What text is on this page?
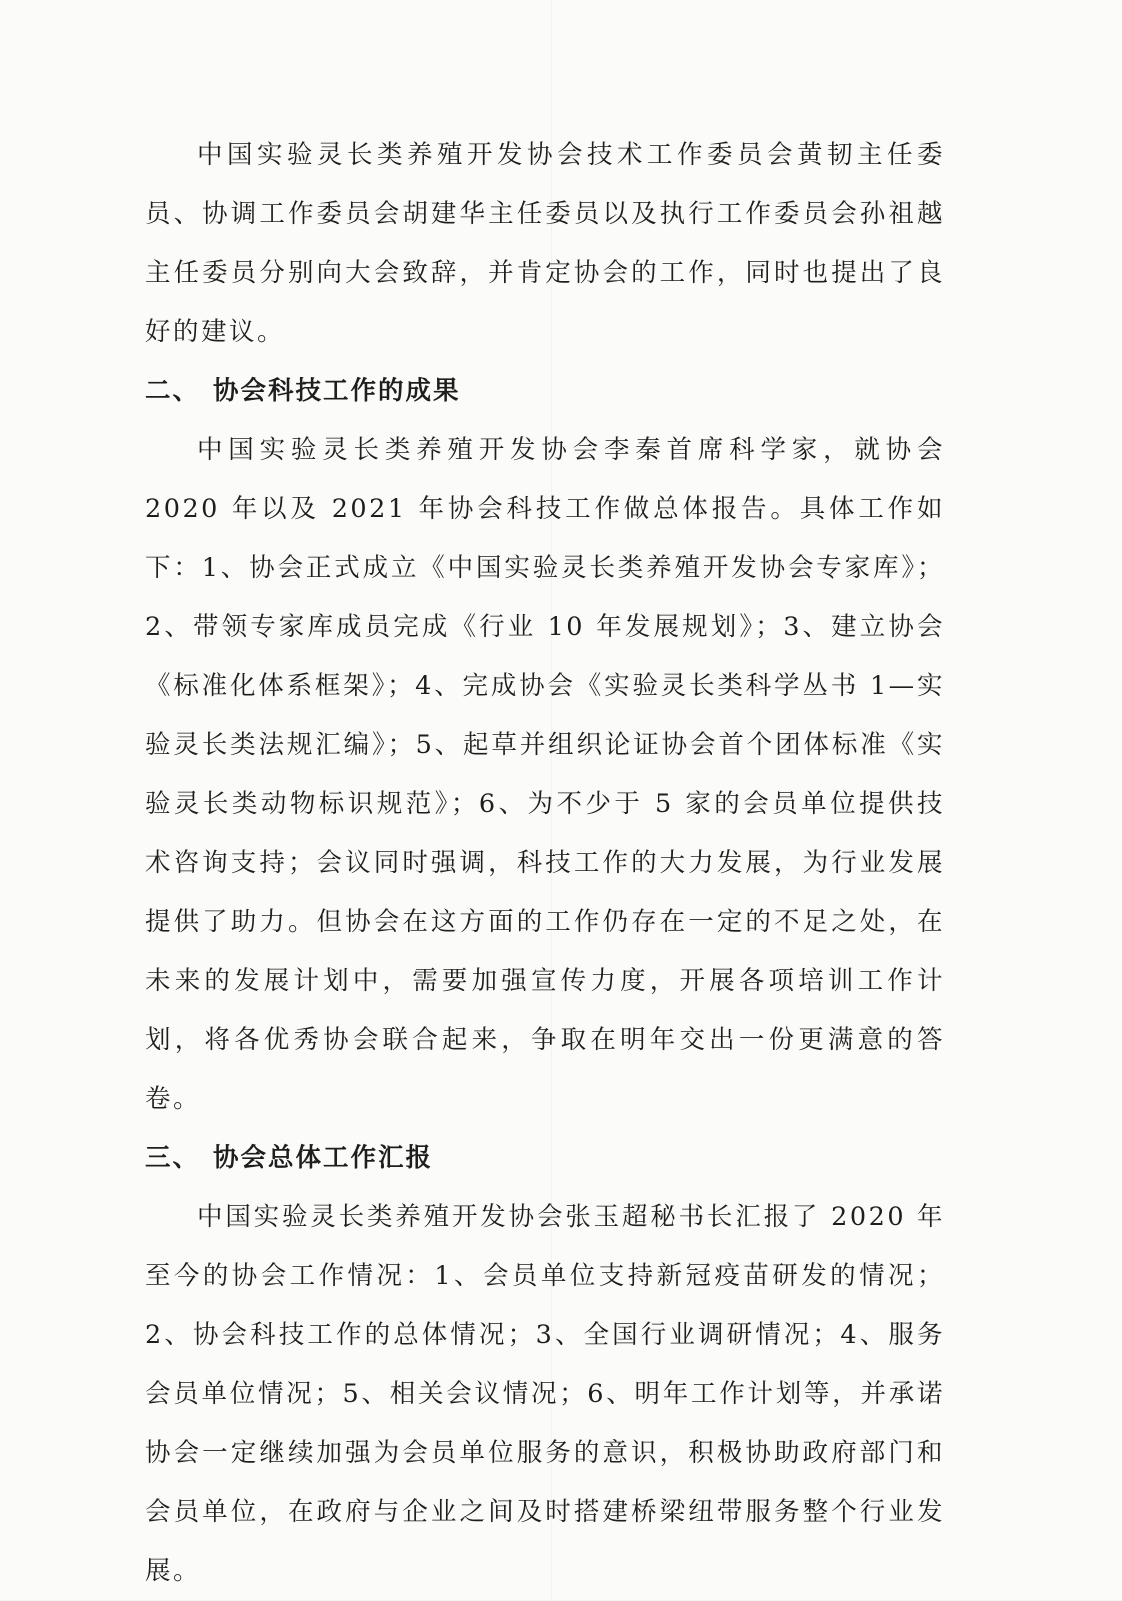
中国实验灵长类养殖开发协会技术工作委员会黄韧主任委员、协调工作委员会胡建华主任委员以及执行工作委员会孙祖越主任委员分别向大会致辞，并肯定协会的工作，同时也提出了良好的建议。

二、 协会科技工作的成果

中国实验灵长类养殖开发协会李秦首席科学家，就协会 2020 年以及 2021 年协会科技工作做总体报告。具体工作如下：1、协会正式成立《中国实验灵长类养殖开发协会专家库》；2、带领专家库成员完成《行业 10 年发展规划》；3、建立协会《标准化体系框架》；4、完成协会《实验灵长类科学丛书 1—实验灵长类法规汇编》；5、起草并组织论证协会首个团体标准《实验灵长类动物标识规范》；6、为不少于 5 家的会员单位提供技术咨询支持；会议同时强调，科技工作的大力发展，为行业发展提供了助力。但协会在这方面的工作仍存在一定的不足之处，在未来的发展计划中，需要加强宣传力度，开展各项培训工作计划，将各优秀协会联合起来，争取在明年交出一份更满意的答卷。

三、 协会总体工作汇报

中国实验灵长类养殖开发协会张玉超秘书长汇报了 2020 年至今的协会工作情况：1、会员单位支持新冠疫苗研发的情况；2、协会科技工作的总体情况；3、全国行业调研情况；4、服务会员单位情况；5、相关会议情况；6、明年工作计划等，并承诺协会一定继续加强为会员单位服务的意识，积极协助政府部门和会员单位，在政府与企业之间及时搭建桥梁纽带服务整个行业发展。
